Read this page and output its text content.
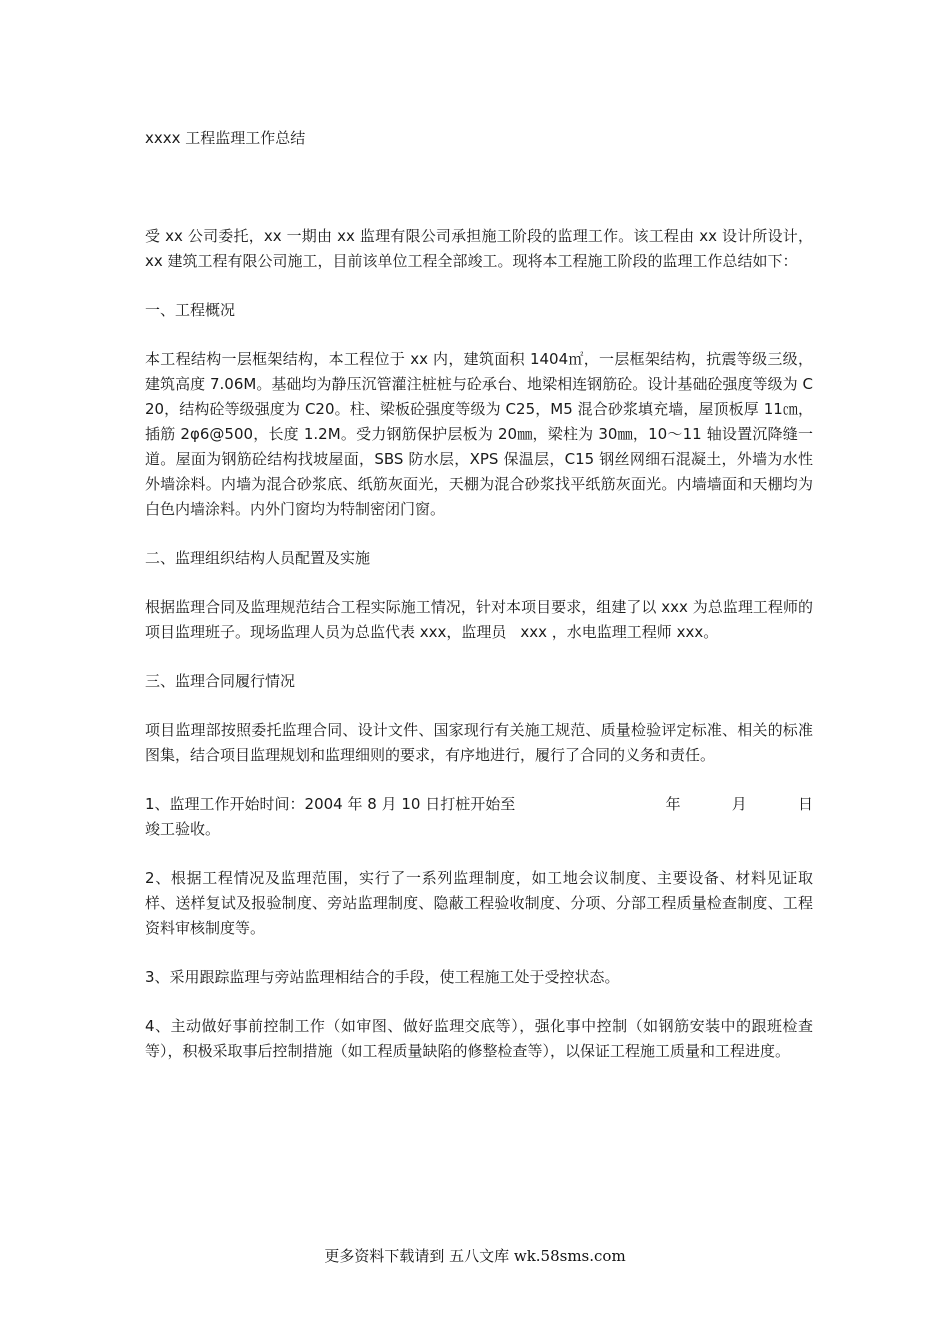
xxxx 工程监理工作总结

受 xx 公司委托，xx 一期由 xx 监理有限公司承担施工阶段的监理工作。该工程由 xx 设计所设计，xx 建筑工程有限公司施工，目前该单位工程全部竣工。现将本工程施工阶段的监理工作总结如下：

一、工程概况

本工程结构一层框架结构，本工程位于 xx 内，建筑面积 1404㎡，一层框架结构，抗震等级三级，建筑高度 7.06M。基础均为静压沉管灌注桩桩与砼承台、地梁相连钢筋砼。设计基础砼强度等级为 C20，结构砼等级强度为 C20。柱、梁板砼强度等级为 C25，M5 混合砂浆填充墙，屋顶板厚 11㎝，插筋 2φ6@500，长度 1.2M。受力钢筋保护层板为 20㎜，梁柱为 30㎜，10～11 轴设置沉降缝一道。屋面为钢筋砼结构找坡屋面，SBS 防水层，XPS 保温层，C15 钢丝网细石混凝土，外墙为水性外墙涂料。内墙为混合砂浆底、纸筋灰面光，天棚为混合砂浆找平纸筋灰面光。内墙墙面和天棚均为白色内墙涂料。内外门窗均为特制密闭门窗。

二、监理组织结构人员配置及实施

根据监理合同及监理规范结合工程实际施工情况，针对本项目要求，组建了以 xxx 为总监理工程师的项目监理班子。现场监理人员为总监代表 xxx，监理员 xxx ，水电监理工程师 xxx。

三、监理合同履行情况

项目监理部按照委托监理合同、设计文件、国家现行有关施工规范、质量检验评定标准、相关的标准图集，结合项目监理规划和监理细则的要求，有序地进行，履行了合同的义务和责任。

1、监理工作开始时间：2004 年 8 月 10 日打桩开始至	年	月	日
竣工验收。

2、根据工程情况及监理范围，实行了一系列监理制度，如工地会议制度、主要设备、材料见证取样、送样复试及报验制度、旁站监理制度、隐蔽工程验收制度、分项、分部工程质量检查制度、工程资料审核制度等。

3、采用跟踪监理与旁站监理相结合的手段，使工程施工处于受控状态。

4、主动做好事前控制工作（如审图、做好监理交底等），强化事中控制（如钢筋安装中的跟班检查等），积极采取事后控制措施（如工程质量缺陷的修整检查等），以保证工程施工质量和工程进度。

更多资料下载请到 五八文库 wk.58sms.com
